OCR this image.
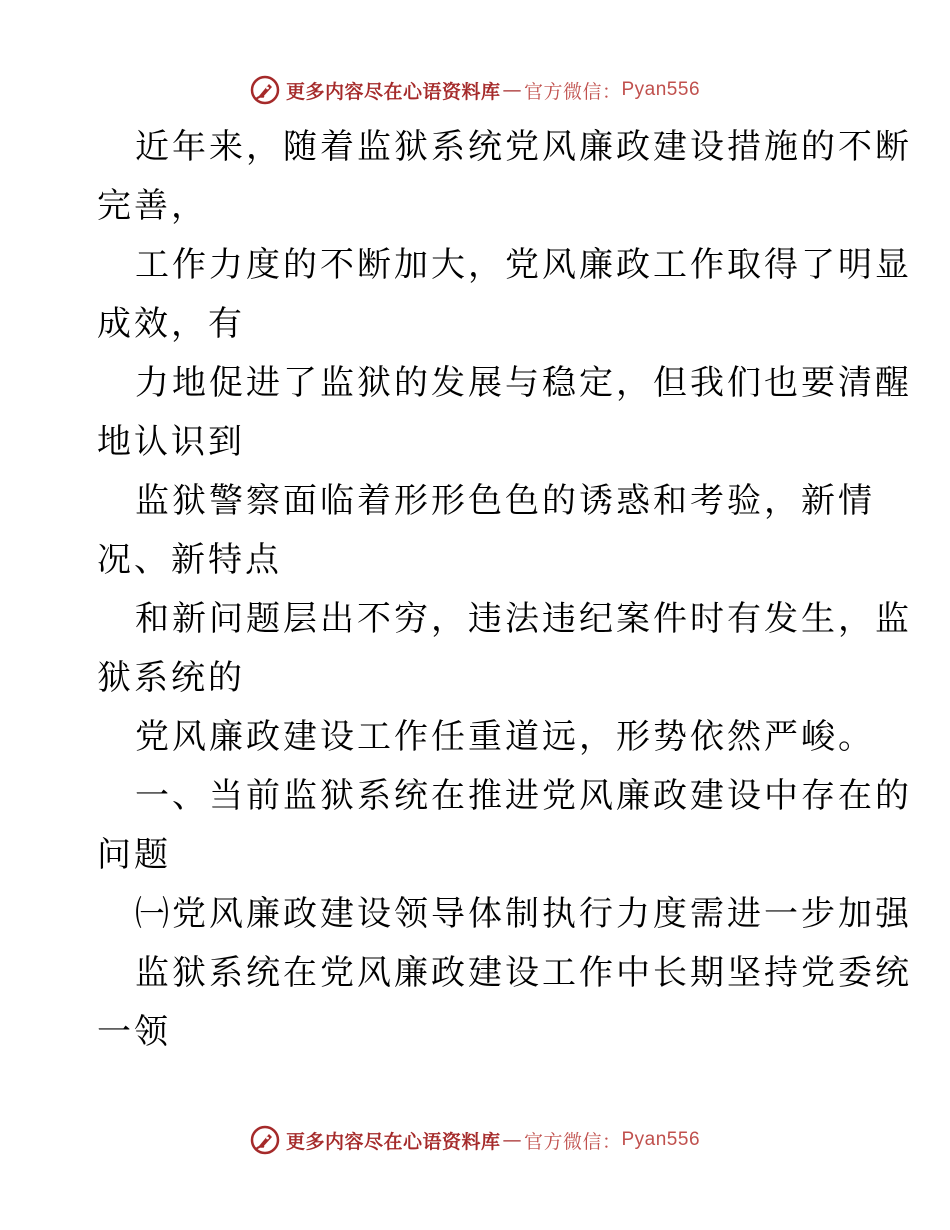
更多内容尽在心语资料库 — 官方微信： Pyan556
近年来，随着监狱系统党风廉政建设措施的不断
完善，
工作力度的不断加大，党风廉政工作取得了明显
成效，有
力地促进了监狱的发展与稳定，但我们也要清醒
地认识到
监狱警察面临着形形色色的诱惑和考验，新情
况、新特点
和新问题层出不穷，违法违纪案件时有发生，监
狱系统的
党风廉政建设工作任重道远，形势依然严峻。
一、当前监狱系统在推进党风廉政建设中存在的
问题
㈠党风廉政建设领导体制执行力度需进一步加强
监狱系统在党风廉政建设工作中长期坚持党委统
一领
更多内容尽在心语资料库 — 官方微信： Pyan556
